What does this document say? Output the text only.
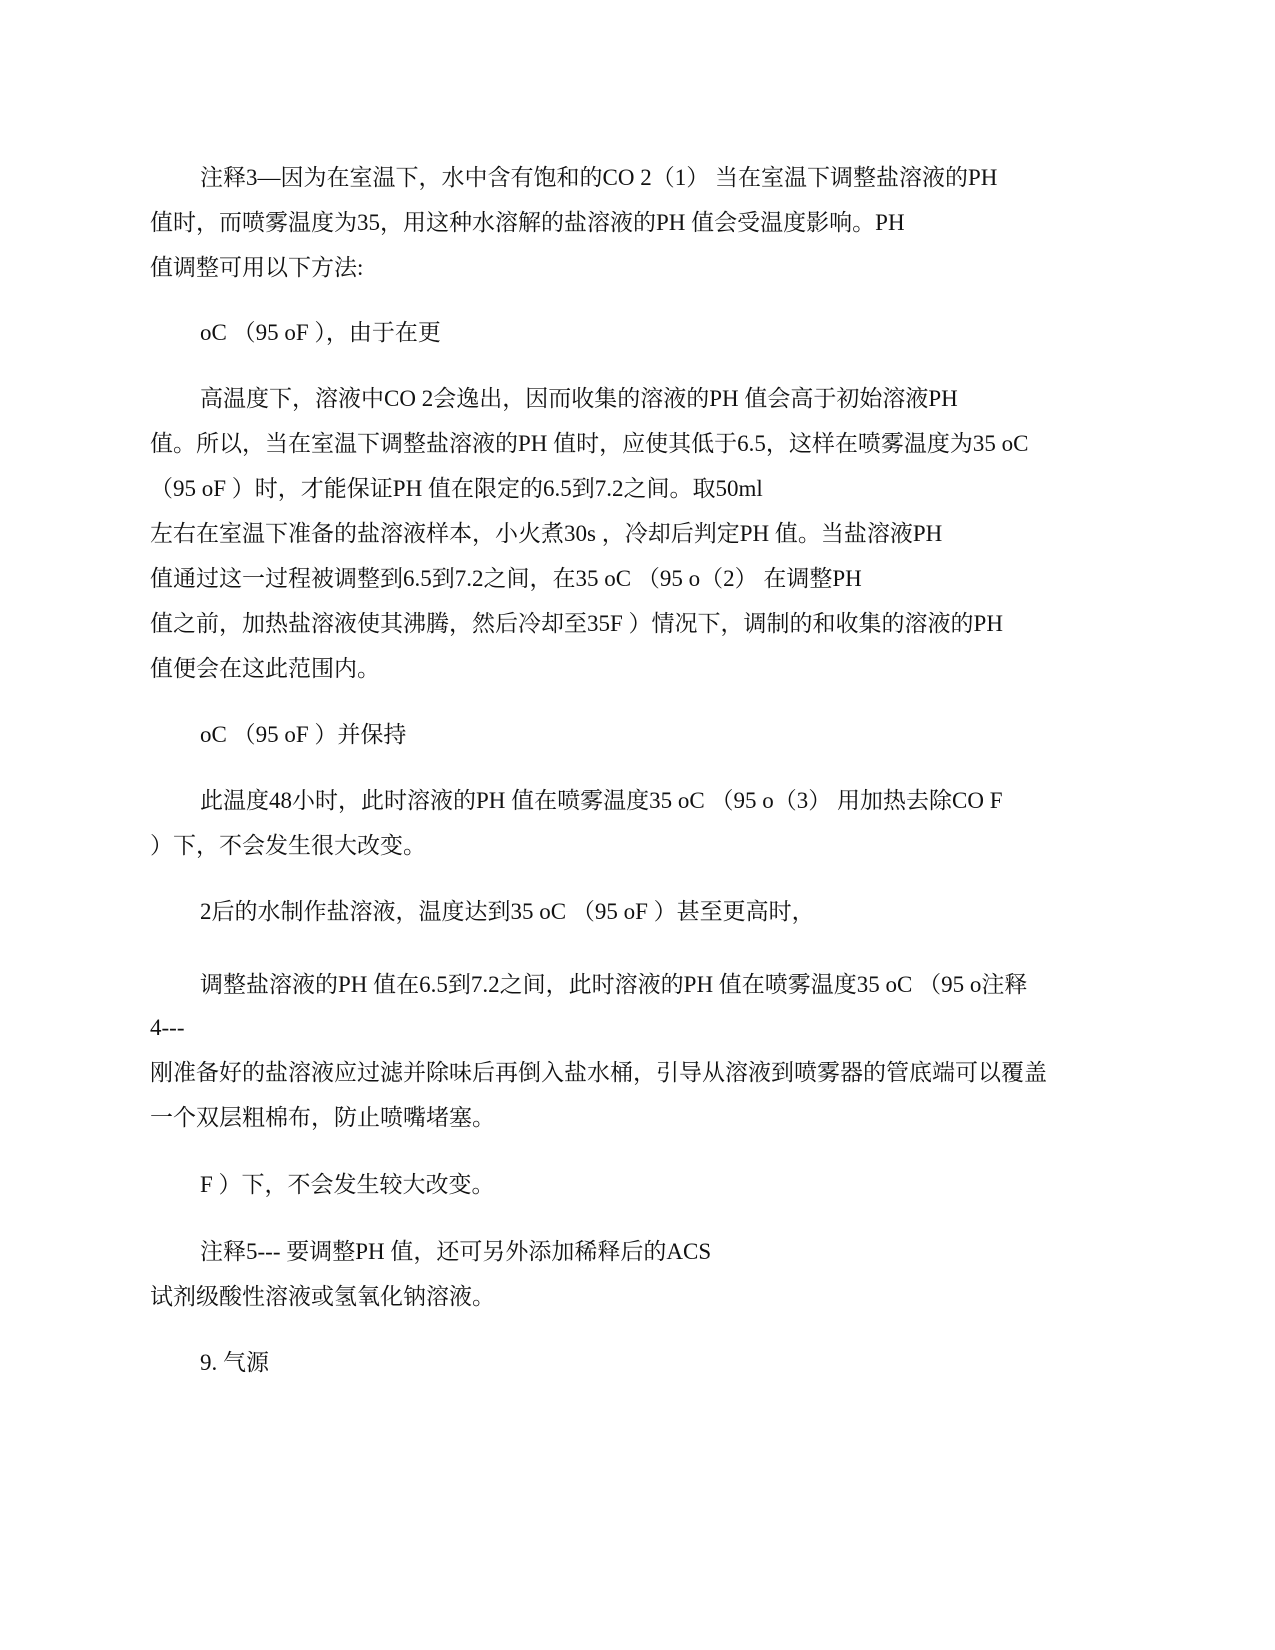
注释3—因为在室温下，水中含有饱和的CO 2（1） 当在室温下调整盐溶液的PH
值时，而喷雾温度为35，用这种水溶解的盐溶液的PH 值会受温度影响。PH
值调整可用以下方法:
oC （95 oF ），由于在更
高温度下，溶液中CO 2会逸出，因而收集的溶液的PH 值会高于初始溶液PH
值。所以，当在室温下调整盐溶液的PH 值时，应使其低于6.5，这样在喷雾温度为35 oC
（95 oF ）时，才能保证PH 值在限定的6.5到7.2之间。取50ml
左右在室温下准备的盐溶液样本，小火煮30s ，冷却后判定PH 值。当盐溶液PH
值通过这一过程被调整到6.5到7.2之间，在35 oC （95 o（2） 在调整PH
值之前，加热盐溶液使其沸腾，然后冷却至35F ）情况下，调制的和收集的溶液的PH
值便会在这此范围内。
oC （95 oF ）并保持
此温度48小时，此时溶液的PH 值在喷雾温度35 oC （95 o（3） 用加热去除CO F
）下，不会发生很大改变。
2后的水制作盐溶液，温度达到35 oC （95 oF ）甚至更高时，
调整盐溶液的PH 值在6.5到7.2之间，此时溶液的PH 值在喷雾温度35 oC （95 o注释
4---
刚准备好的盐溶液应过滤并除味后再倒入盐水桶，引导从溶液到喷雾器的管底端可以覆盖
一个双层粗棉布，防止喷嘴堵塞。
F ）下，不会发生较大改变。
注释5--- 要调整PH 值，还可另外添加稀释后的ACS
试剂级酸性溶液或氢氧化钠溶液。
9. 气源
